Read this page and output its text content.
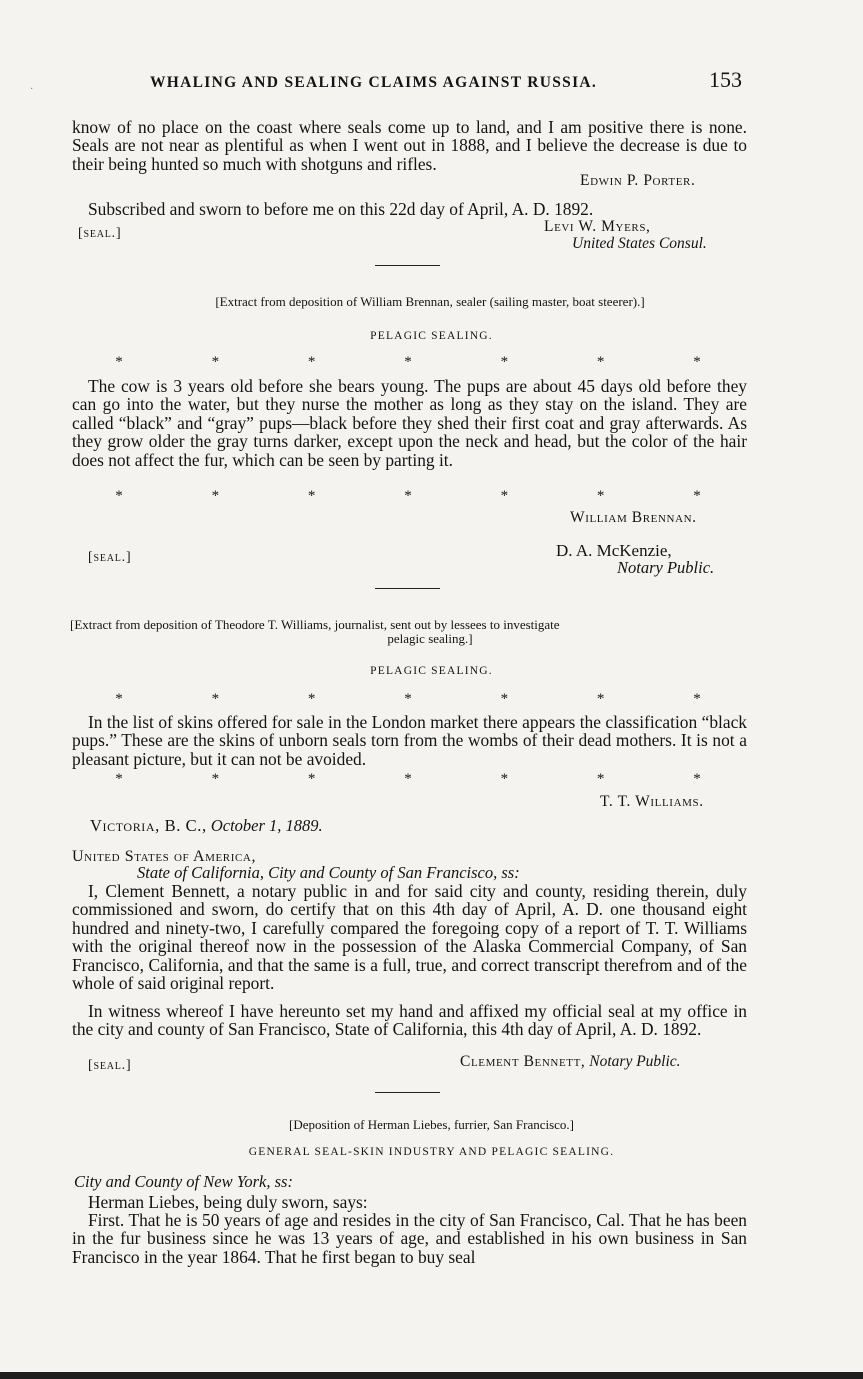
WHALING AND SEALING CLAIMS AGAINST RUSSIA.	153
know of no place on the coast where seals come up to land, and I am positive there is none. Seals are not near as plentiful as when I went out in 1888, and I believe the decrease is due to their being hunted so much with shotguns and rifles.
Edwin P. Porter.
Subscribed and sworn to before me on this 22d day of April, A. D. 1892.
[seal.]	Levi W. Myers,
United States Consul.
[Extract from deposition of William Brennan, sealer (sailing master, boat steerer).]
PELAGIC SEALING.
*	*	*	*	*	*	*
The cow is 3 years old before she bears young. The pups are about 45 days old before they can go into the water, but they nurse the mother as long as they stay on the island. They are called “black” and “gray” pups—black before they shed their first coat and gray afterwards. As they grow older the gray turns darker, except upon the neck and head, but the color of the hair does not affect the fur, which can be seen by parting it.
*	*	*	*	*	*	*
William Brennan.
[seal.]	D. A. McKenzie,
Notary Public.
[Extract from deposition of Theodore T. Williams, journalist, sent out by lessees to investigate
pelagic sealing.]
PELAGIC SEALING.
*	*	*	*	*	*	*
In the list of skins offered for sale in the London market there appears the classification “black pups.” These are the skins of unborn seals torn from the wombs of their dead mothers. It is not a pleasant picture, but it can not be avoided.
*	*	*	*	*	*	*
T. T. Williams.
Victoria, B. C., October 1, 1889.
United States of America,
State of California, City and County of San Francisco, ss:
I, Clement Bennett, a notary public in and for said city and county, residing therein, duly commissioned and sworn, do certify that on this 4th day of April, A. D. one thousand eight hundred and ninety-two, I carefully compared the foregoing copy of a report of T. T. Williams with the original thereof now in the possession of the Alaska Commercial Company, of San Francisco, California, and that the same is a full, true, and correct transcript therefrom and of the whole of said original report.
In witness whereof I have hereunto set my hand and affixed my official seal at my office in the city and county of San Francisco, State of California, this 4th day of April, A. D. 1892.
[seal.]	Clement Bennett, Notary Public.
[Deposition of Herman Liebes, furrier, San Francisco.]
GENERAL SEAL-SKIN INDUSTRY AND PELAGIC SEALING.
City and County of New York, ss:
Herman Liebes, being duly sworn, says:
First. That he is 50 years of age and resides in the city of San Francisco, Cal. That he has been in the fur business since he was 13 years of age, and established in his own business in San Francisco in the year 1864. That he first began to buy seal
·
